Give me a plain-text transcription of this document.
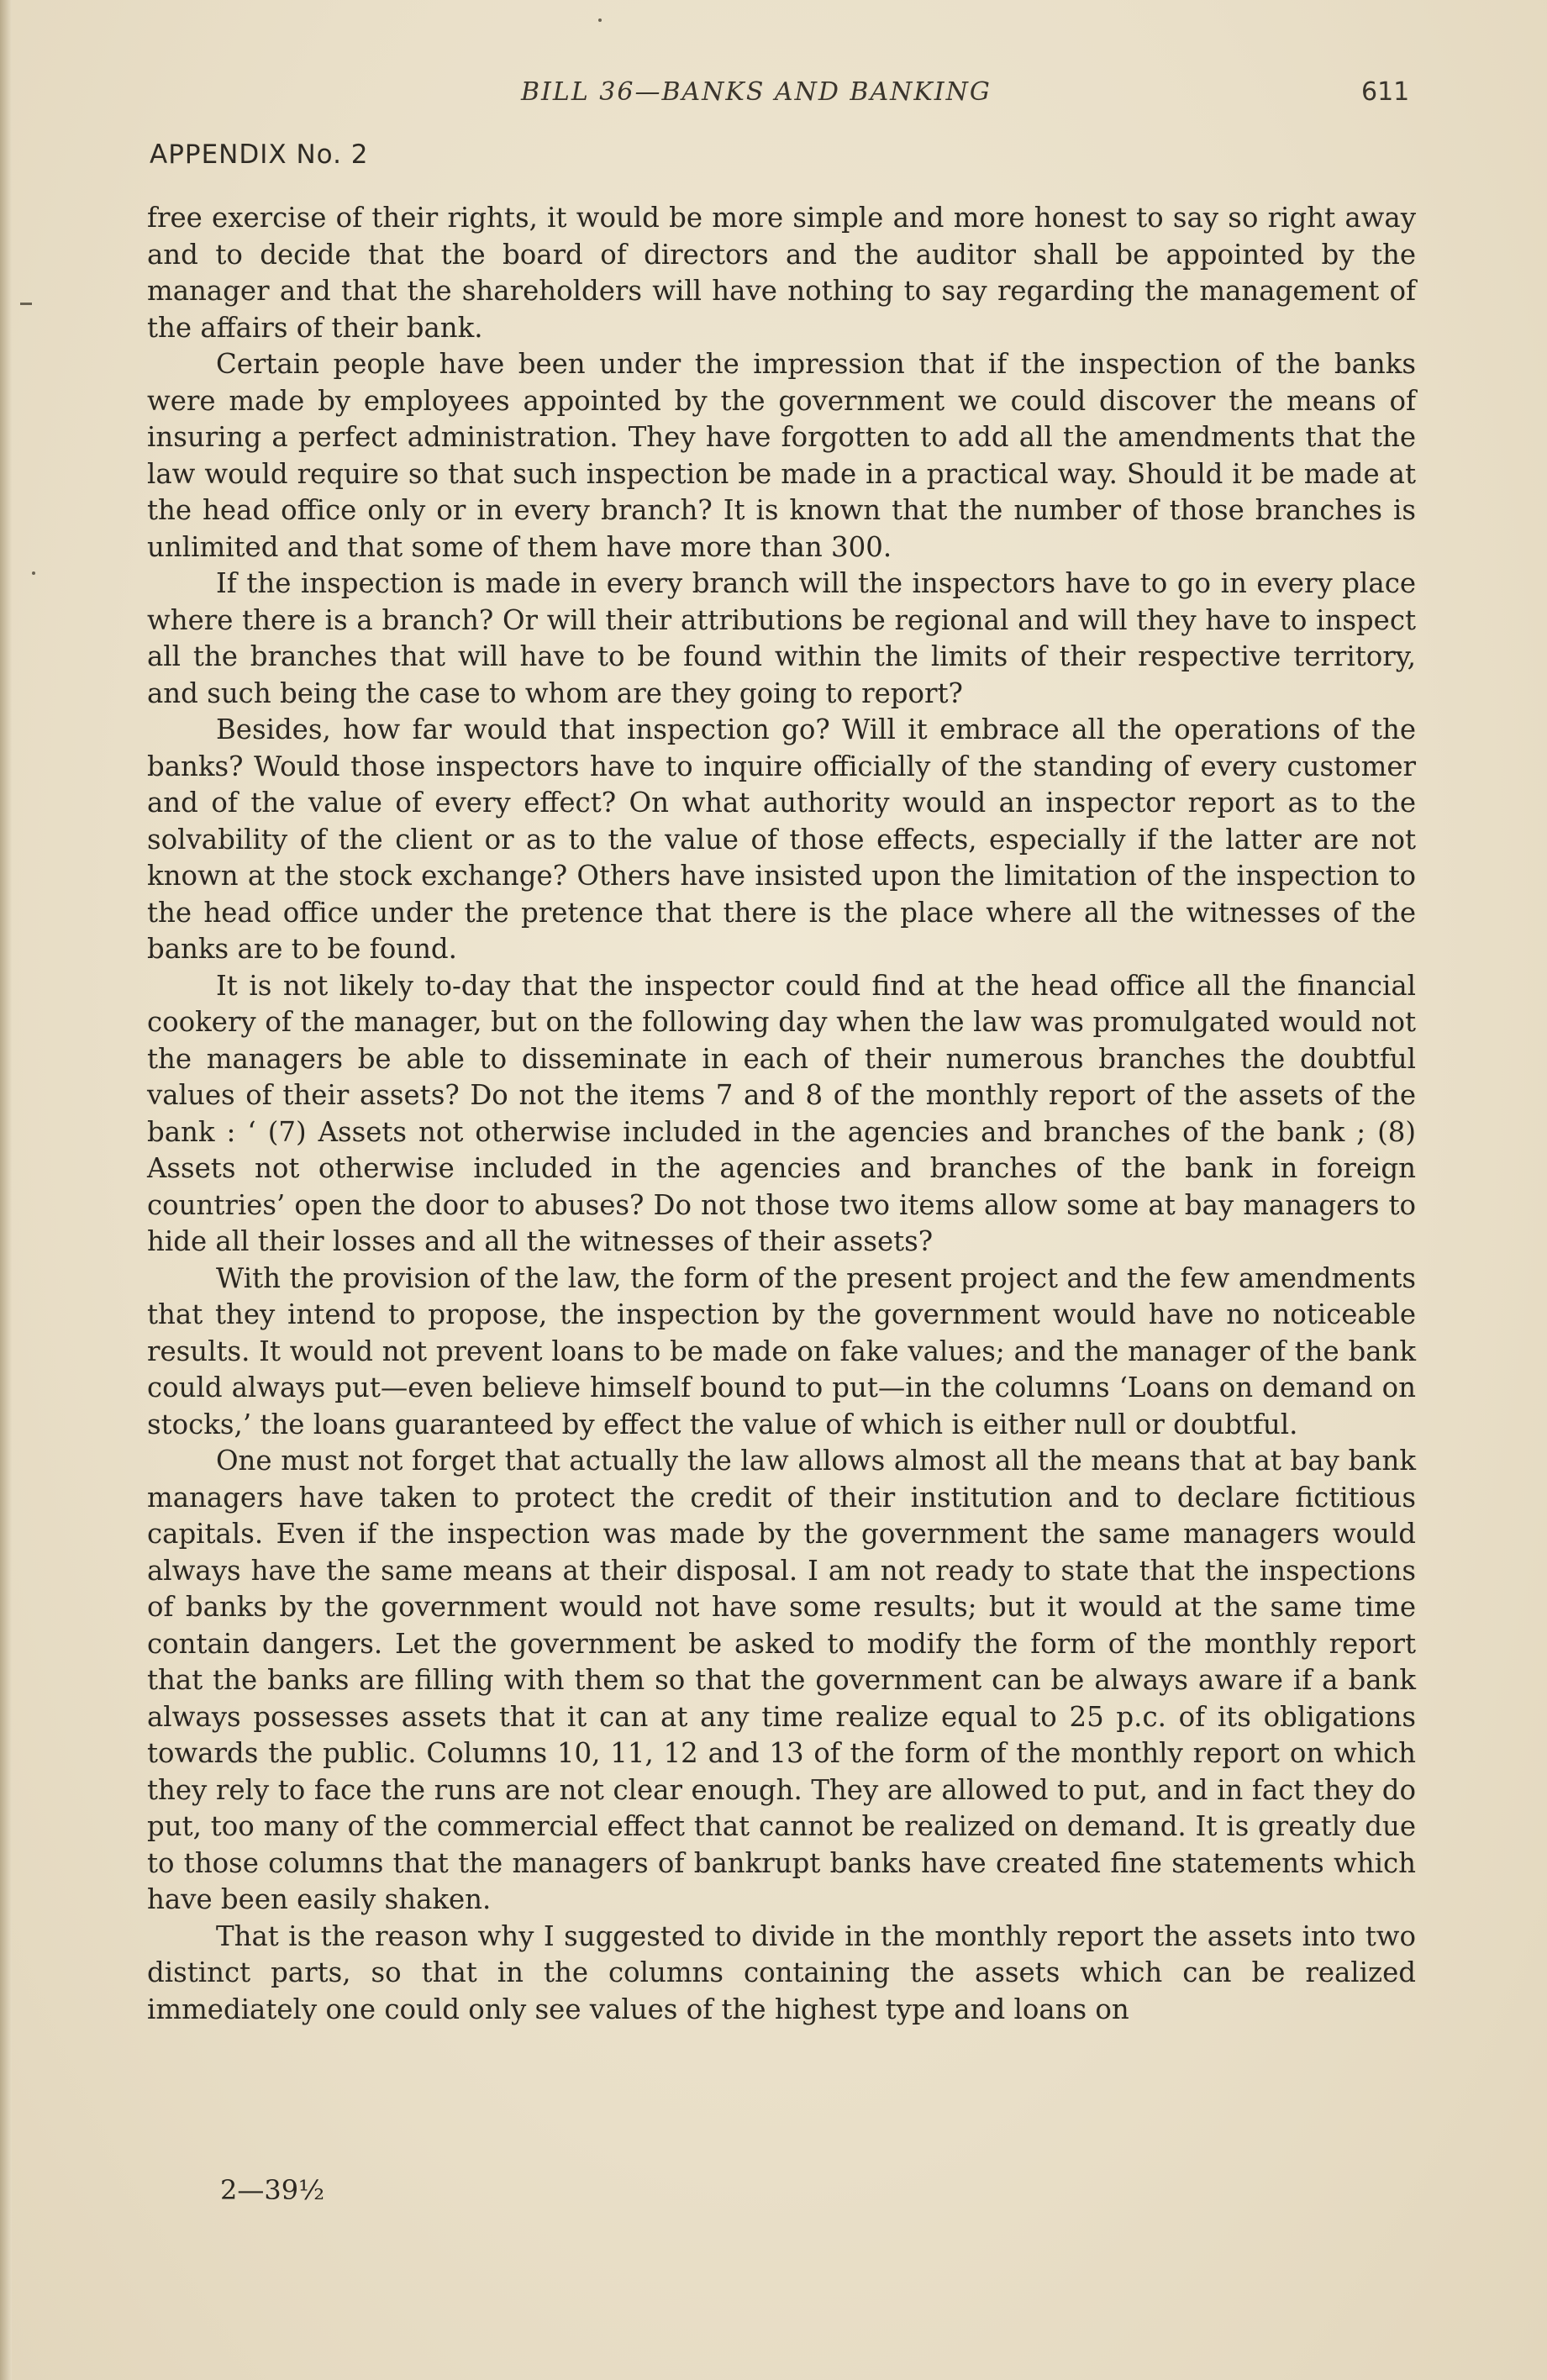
BILL 36—BANKS AND BANKING	611
APPENDIX No. 2

free exercise of their rights, it would be more simple and more honest to say so right away and to decide that the board of directors and the auditor shall be appointed by the manager and that the shareholders will have nothing to say regarding the management of the affairs of their bank.

Certain people have been under the impression that if the inspection of the banks were made by employees appointed by the government we could discover the means of insuring a perfect administration. They have forgotten to add all the amendments that the law would require so that such inspection be made in a practical way. Should it be made at the head office only or in every branch? It is known that the number of those branches is unlimited and that some of them have more than 300.

If the inspection is made in every branch will the inspectors have to go in every place where there is a branch? Or will their attributions be regional and will they have to inspect all the branches that will have to be found within the limits of their respective territory, and such being the case to whom are they going to report?

Besides, how far would that inspection go? Will it embrace all the operations of the banks? Would those inspectors have to inquire officially of the standing of every customer and of the value of every effect? On what authority would an inspector report as to the solvability of the client or as to the value of those effects, especially if the latter are not known at the stock exchange? Others have insisted upon the limitation of the inspection to the head office under the pretence that there is the place where all the witnesses of the banks are to be found.

It is not likely to-day that the inspector could find at the head office all the financial cookery of the manager, but on the following day when the law was promulgated would not the managers be able to disseminate in each of their numerous branches the doubtful values of their assets? Do not the items 7 and 8 of the monthly report of the assets of the bank : ‘ (7) Assets not otherwise included in the agencies and branches of the bank ; (8) Assets not otherwise included in the agencies and branches of the bank in foreign countries’ open the door to abuses? Do not those two items allow some at bay managers to hide all their losses and all the witnesses of their assets?

With the provision of the law, the form of the present project and the few amendments that they intend to propose, the inspection by the government would have no noticeable results. It would not prevent loans to be made on fake values; and the manager of the bank could always put—even believe himself bound to put—in the columns ‘Loans on demand on stocks,’ the loans guaranteed by effect the value of which is either null or doubtful.

One must not forget that actually the law allows almost all the means that at bay bank managers have taken to protect the credit of their institution and to declare fictitious capitals. Even if the inspection was made by the government the same managers would always have the same means at their disposal. I am not ready to state that the inspections of banks by the government would not have some results; but it would at the same time contain dangers. Let the government be asked to modify the form of the monthly report that the banks are filling with them so that the government can be always aware if a bank always possesses assets that it can at any time realize equal to 25 p.c. of its obligations towards the public. Columns 10, 11, 12 and 13 of the form of the monthly report on which they rely to face the runs are not clear enough. They are allowed to put, and in fact they do put, too many of the commercial effect that cannot be realized on demand. It is greatly due to those columns that the managers of bankrupt banks have created fine statements which have been easily shaken.

That is the reason why I suggested to divide in the monthly report the assets into two distinct parts, so that in the columns containing the assets which can be realized immediately one could only see values of the highest type and loans on

2—39½
